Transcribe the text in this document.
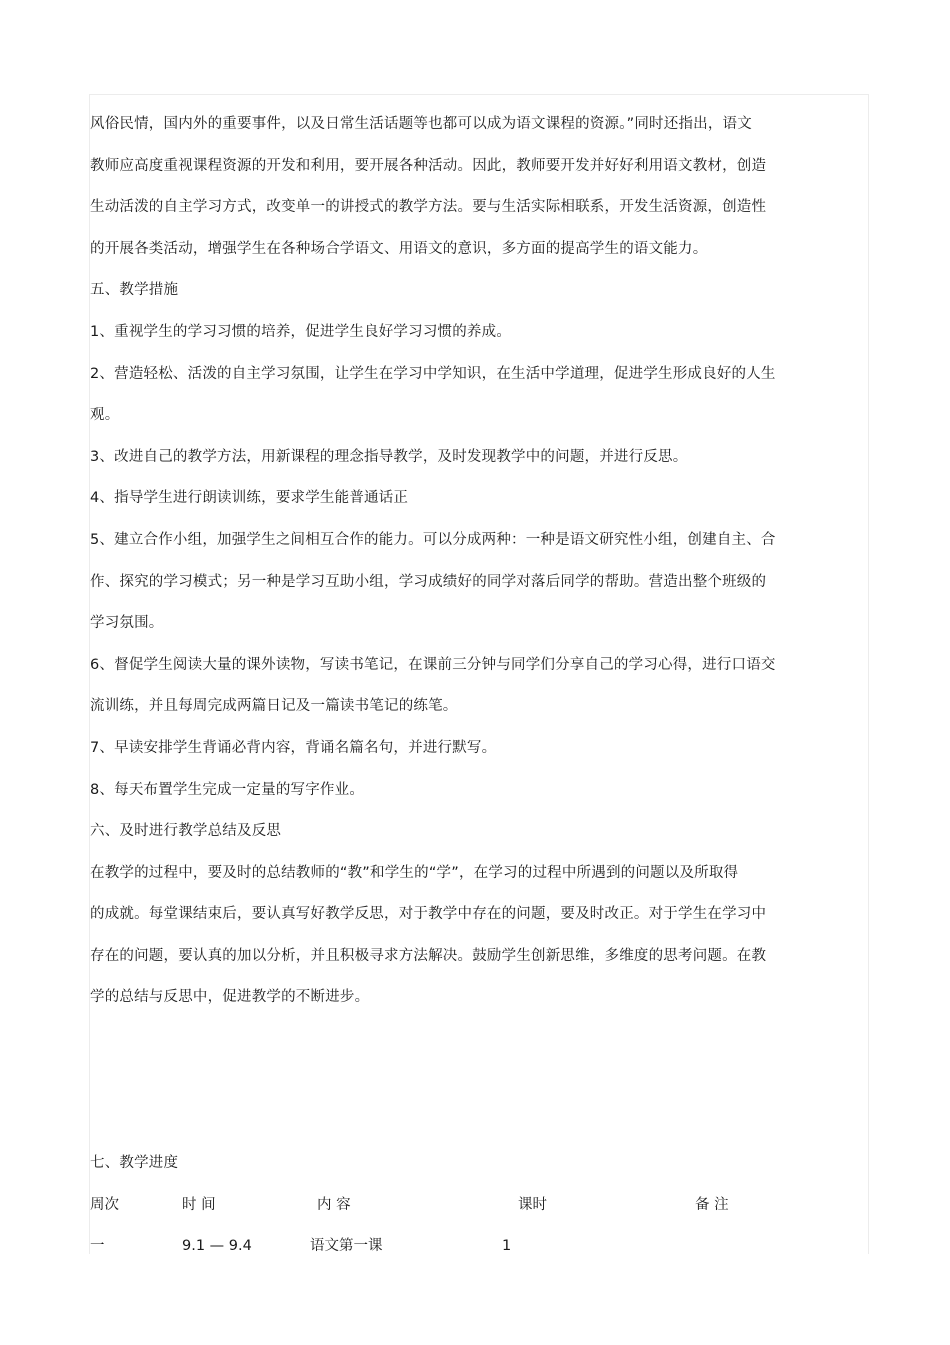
风俗民情，国内外的重要事件，以及日常生活话题等也都可以成为语文课程的资源。”同时还指出，语文
教师应高度重视课程资源的开发和利用，要开展各种活动。因此，教师要开发并好好利用语文教材，创造
生动活泼的自主学习方式，改变单一的讲授式的教学方法。要与生活实际相联系，开发生活资源，创造性
的开展各类活动，增强学生在各种场合学语文、用语文的意识，多方面的提高学生的语文能力。
五、教学措施
1、重视学生的学习习惯的培养，促进学生良好学习习惯的养成。
2、营造轻松、活泼的自主学习氛围，让学生在学习中学知识，在生活中学道理，促进学生形成良好的人生
观。
3、改进自己的教学方法，用新课程的理念指导教学，及时发现教学中的问题，并进行反思。
4、指导学生进行朗读训练，要求学生能普通话正
5、建立合作小组，加强学生之间相互合作的能力。可以分成两种：一种是语文研究性小组，创建自主、合
作、探究的学习模式；另一种是学习互助小组，学习成绩好的同学对落后同学的帮助。营造出整个班级的
学习氛围。
6、督促学生阅读大量的课外读物，写读书笔记，在课前三分钟与同学们分享自己的学习心得，进行口语交
流训练，并且每周完成两篇日记及一篇读书笔记的练笔。
7、早读安排学生背诵必背内容，背诵名篇名句，并进行默写。
8、每天布置学生完成一定量的写字作业。
六、及时进行教学总结及反思
在教学的过程中，要及时的总结教师的“教”和学生的“学”，在学习的过程中所遇到的问题以及所取得
的成就。每堂课结束后，要认真写好教学反思，对于教学中存在的问题，要及时改正。对于学生在学习中
存在的问题，要认真的加以分析，并且积极寻求方法解决。鼓励学生创新思维，多维度的思考问题。在教
学的总结与反思中，促进教学的不断进步。
七、教学进度
周次	时 间	内 容	课时	备 注
一	9.1 — 9.4	语文第一课	1
